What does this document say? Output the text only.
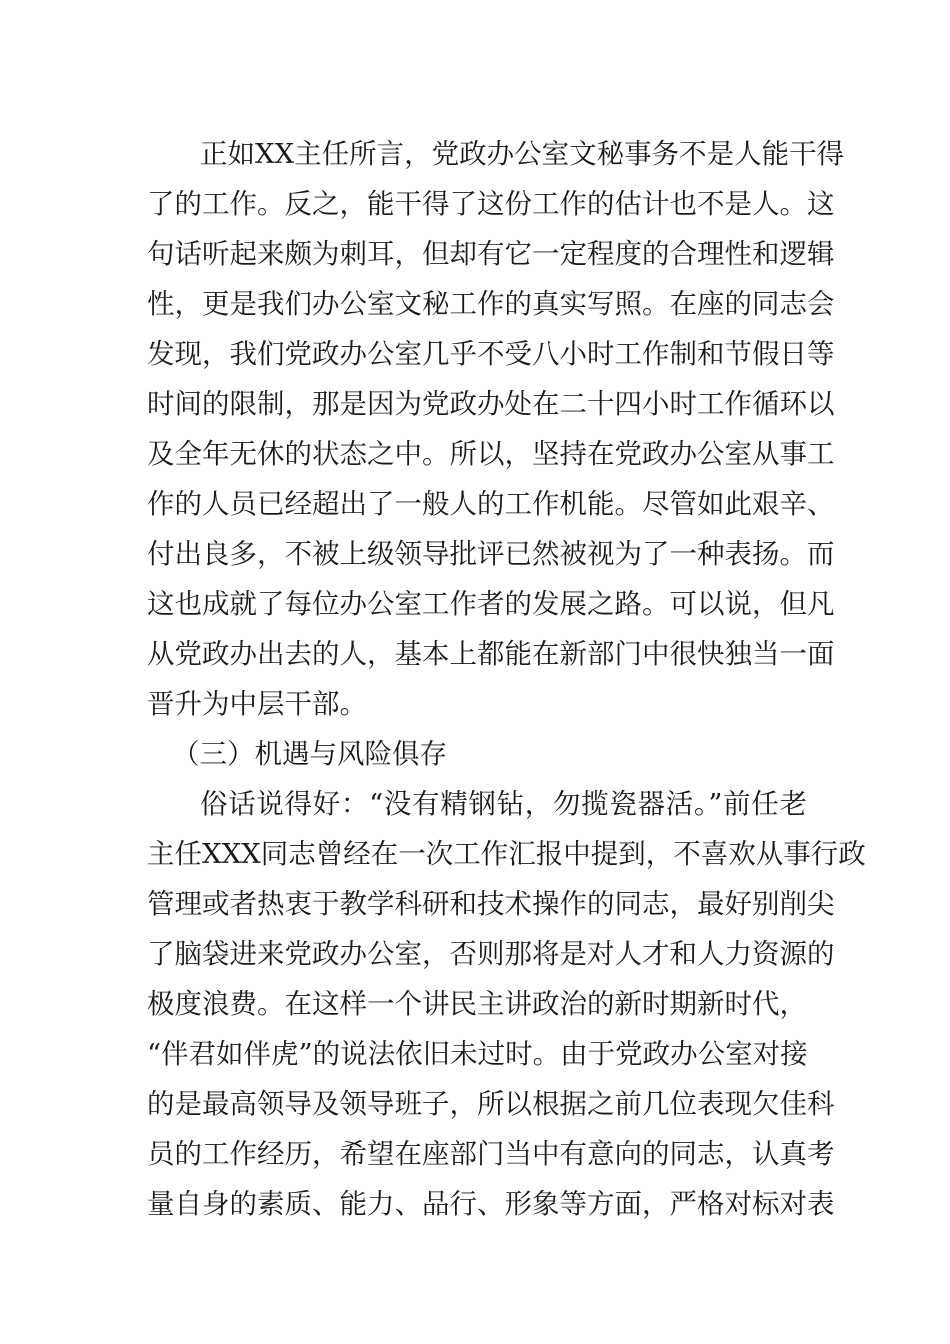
正如XX主任所言，党政办公室文秘事务不是人能干得

了的工作。反之，能干得了这份工作的估计也不是人。这

句话听起来颇为刺耳，但却有它一定程度的合理性和逻辑

性，更是我们办公室文秘工作的真实写照。在座的同志会

发现，我们党政办公室几乎不受八小时工作制和节假日等

时间的限制，那是因为党政办处在二十四小时工作循环以

及全年无休的状态之中。所以，坚持在党政办公室从事工

作的人员已经超出了一般人的工作机能。尽管如此艰辛、

付出良多，不被上级领导批评已然被视为了一种表扬。而

这也成就了每位办公室工作者的发展之路。可以说，但凡

从党政办出去的人，基本上都能在新部门中很快独当一面

晋升为中层干部。

（三）机遇与风险俱存

俗话说得好：“没有精钢钻，勿揽瓷器活。”前任老

主任XXX同志曾经在一次工作汇报中提到，不喜欢从事行政

管理或者热衷于教学科研和技术操作的同志，最好别削尖

了脑袋进来党政办公室，否则那将是对人才和人力资源的

极度浪费。在这样一个讲民主讲政治的新时期新时代，

“伴君如伴虎”的说法依旧未过时。由于党政办公室对接

的是最高领导及领导班子，所以根据之前几位表现欠佳科

员的工作经历，希望在座部门当中有意向的同志，认真考

量自身的素质、能力、品行、形象等方面，严格对标对表
